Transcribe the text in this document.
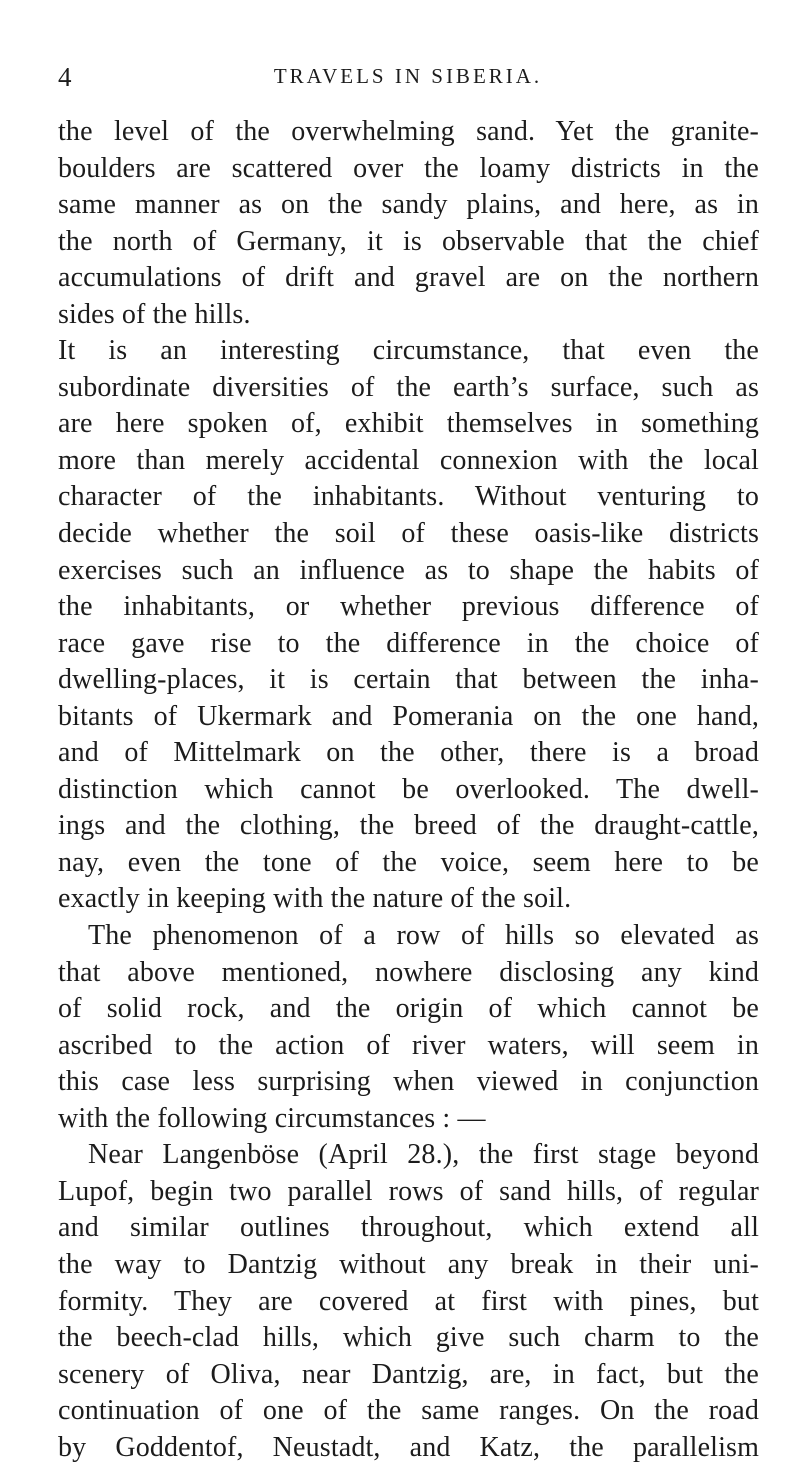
4	TRAVELS IN SIBERIA.
the level of the overwhelming sand. Yet the granite-
boulders are scattered over the loamy districts in the
same manner as on the sandy plains, and here, as in
the north of Germany, it is observable that the chief
accumulations of drift and gravel are on the northern
sides of the hills.
It is an interesting circumstance, that even the
subordinate diversities of the earth’s surface, such as
are here spoken of, exhibit themselves in something
more than merely accidental connexion with the local
character of the inhabitants. Without venturing to
decide whether the soil of these oasis-like districts
exercises such an influence as to shape the habits of
the inhabitants, or whether previous difference of
race gave rise to the difference in the choice of
dwelling-places, it is certain that between the inha-
bitants of Ukermark and Pomerania on the one hand,
and of Mittelmark on the other, there is a broad
distinction which cannot be overlooked. The dwell-
ings and the clothing, the breed of the draught-cattle,
nay, even the tone of the voice, seem here to be
exactly in keeping with the nature of the soil.
The phenomenon of a row of hills so elevated as
that above mentioned, nowhere disclosing any kind
of solid rock, and the origin of which cannot be
ascribed to the action of river waters, will seem in
this case less surprising when viewed in conjunction
with the following circumstances : —
Near Langenböse (April 28.), the first stage beyond
Lupof, begin two parallel rows of sand hills, of regular
and similar outlines throughout, which extend all
the way to Dantzig without any break in their uni-
formity. They are covered at first with pines, but
the beech-clad hills, which give such charm to the
scenery of Oliva, near Dantzig, are, in fact, but the
continuation of one of the same ranges. On the road
by Goddentof, Neustadt, and Katz, the parallelism
